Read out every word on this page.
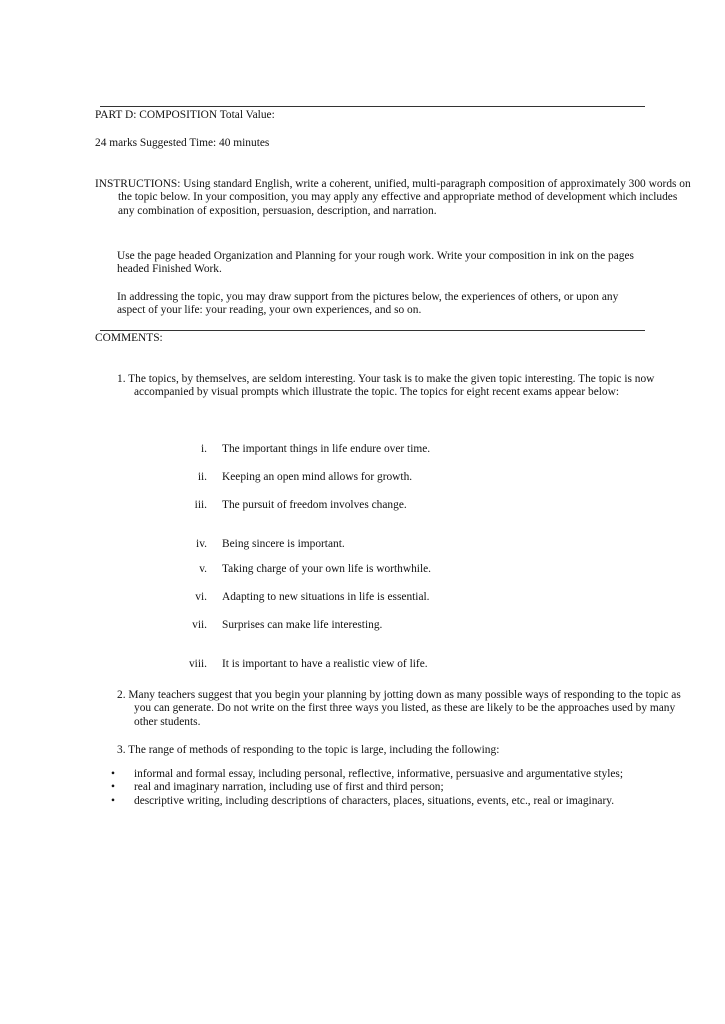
PART D: COMPOSITION Total Value:

24 marks Suggested Time: 40 minutes

INSTRUCTIONS: Using standard English, write a coherent, unified, multi-paragraph composition of approximately 300 words on the topic below. In your composition, you may apply any effective and appropriate method of development which includes any combination of exposition, persuasion, description, and narration.

Use the page headed Organization and Planning for your rough work. Write your composition in ink on the pages headed Finished Work.

In addressing the topic, you may draw support from the pictures below, the experiences of others, or upon any aspect of your life: your reading, your own experiences, and so on.

COMMENTS:

1. The topics, by themselves, are seldom interesting. Your task is to make the given topic interesting. The topic is now accompanied by visual prompts which illustrate the topic. The topics for eight recent exams appear below:

i. The important things in life endure over time.
ii. Keeping an open mind allows for growth.
iii. The pursuit of freedom involves change.
iv. Being sincere is important.
v. Taking charge of your own life is worthwhile.
vi. Adapting to new situations in life is essential.
vii. Surprises can make life interesting.
viii. It is important to have a realistic view of life.

2. Many teachers suggest that you begin your planning by jotting down as many possible ways of responding to the topic as you can generate. Do not write on the first three ways you listed, as these are likely to be the approaches used by many other students.

3. The range of methods of responding to the topic is large, including the following:

• informal and formal essay, including personal, reflective, informative, persuasive and argumentative styles;
• real and imaginary narration, including use of first and third person;
• descriptive writing, including descriptions of characters, places, situations, events, etc., real or imaginary.
